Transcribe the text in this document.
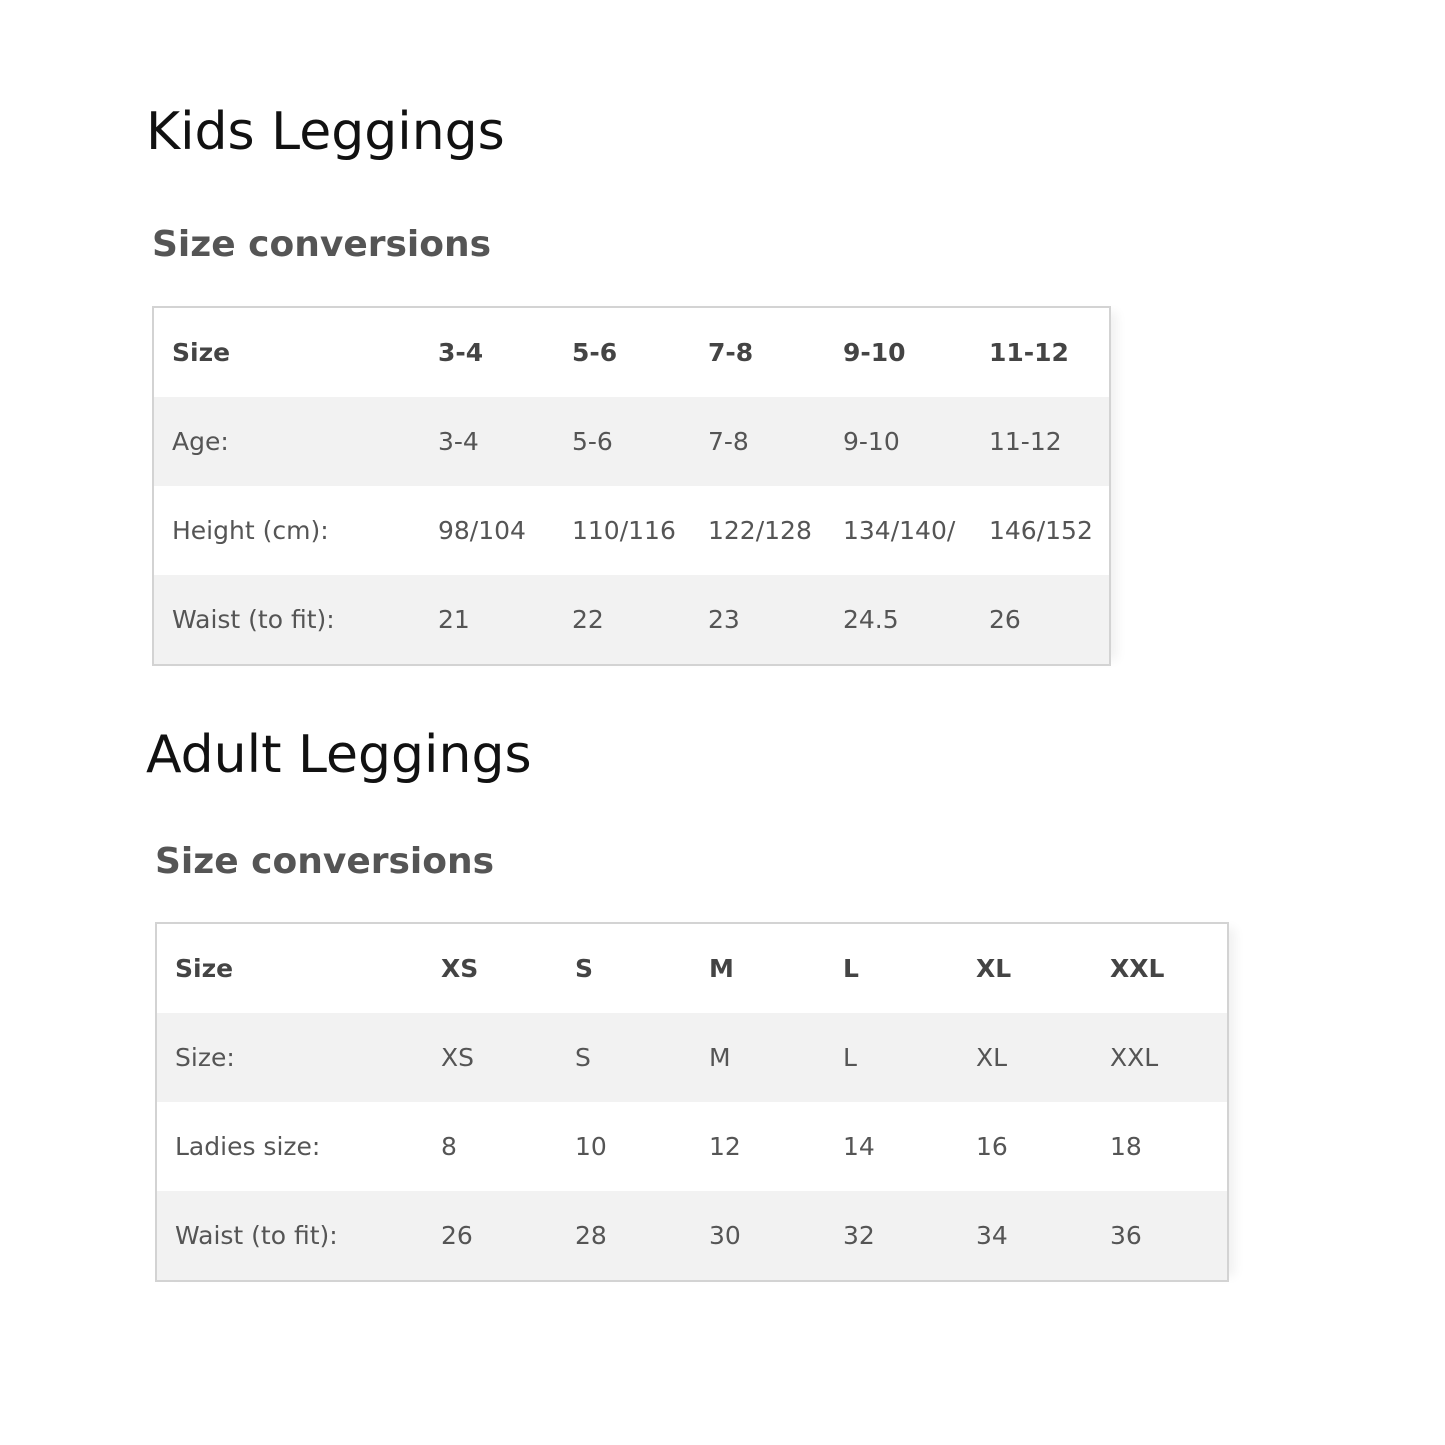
Kids Leggings
Size conversions
Size	3-4	5-6	7-8	9-10	11-12
Age:	3-4	5-6	7-8	9-10	11-12
Height (cm):	98/104	110/116	122/128	134/140/	146/152
Waist (to fit):	21	22	23	24.5	26
Adult Leggings
Size conversions
Size	XS	S	M	L	XL	XXL
Size:	XS	S	M	L	XL	XXL
Ladies size:	8	10	12	14	16	18
Waist (to fit):	26	28	30	32	34	36
